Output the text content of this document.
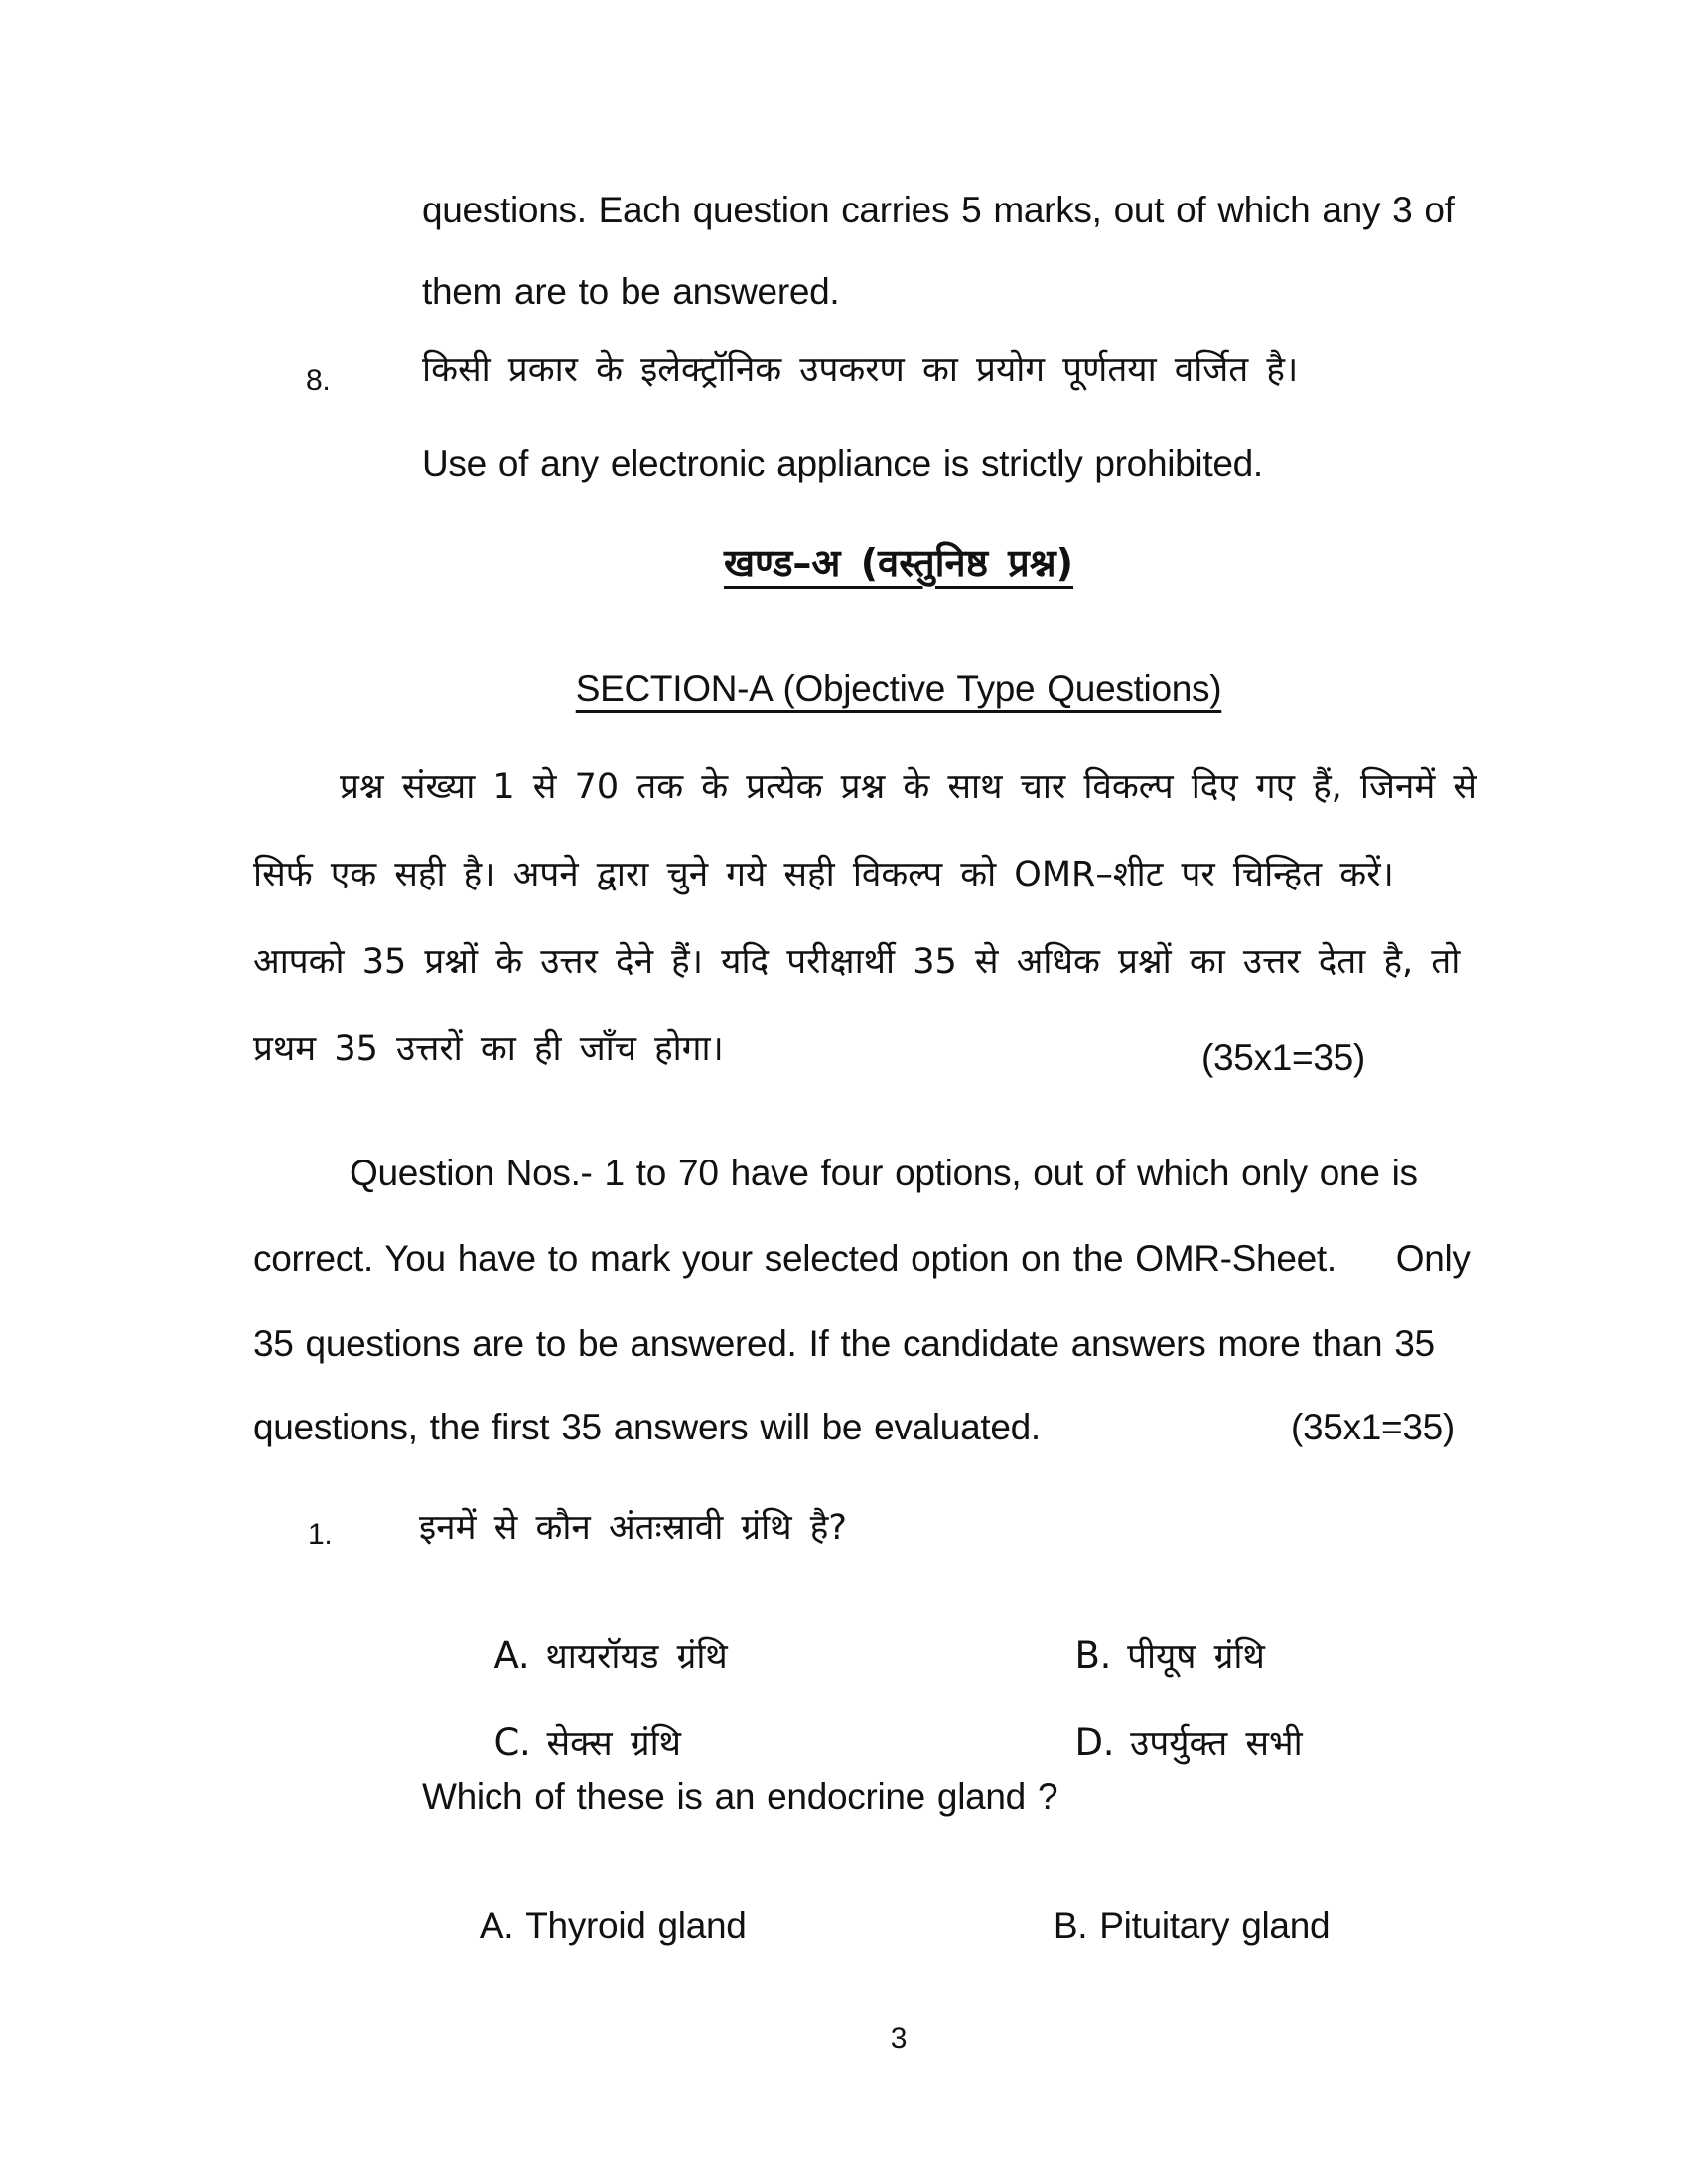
questions. Each question carries 5 marks, out of which any 3 of
them are to be answered.
8.	किसी प्रकार के इलेक्ट्रॉनिक उपकरण का प्रयोग पूर्णतया वर्जित है।
Use of any electronic appliance is strictly prohibited.
खण्ड–अ (वस्तुनिष्ठ प्रश्न)
SECTION-A (Objective Type Questions)
प्रश्न संख्या 1 से 70 तक के प्रत्येक प्रश्न के साथ चार विकल्प दिए गए हैं, जिनमें से
सिर्फ एक सही है। अपने द्वारा चुने गये सही विकल्प को OMR–शीट पर चिन्हित करें।
आपको 35 प्रश्नों के उत्तर देने हैं। यदि परीक्षार्थी 35 से अधिक प्रश्नों का उत्तर देता है, तो
प्रथम 35 उत्तरों का ही जाँच होगा।	(35x1=35)
Question Nos.- 1 to 70 have four options, out of which only one is
correct. You have to mark your selected option on the OMR-Sheet.     Only
35 questions are to be answered. If the candidate answers more than 35
questions, the first 35 answers will be evaluated.	(35x1=35)
1.	इनमें से कौन अंतःस्रावी ग्रंथि है?

A. थायरॉयड ग्रंथि
	B. पीयूष ग्रंथि

C. सेक्स ग्रंथि
	D. उपर्युक्त सभी

Which of these is an endocrine gland ?

A. Thyroid gland
	B. Pituitary gland

3
